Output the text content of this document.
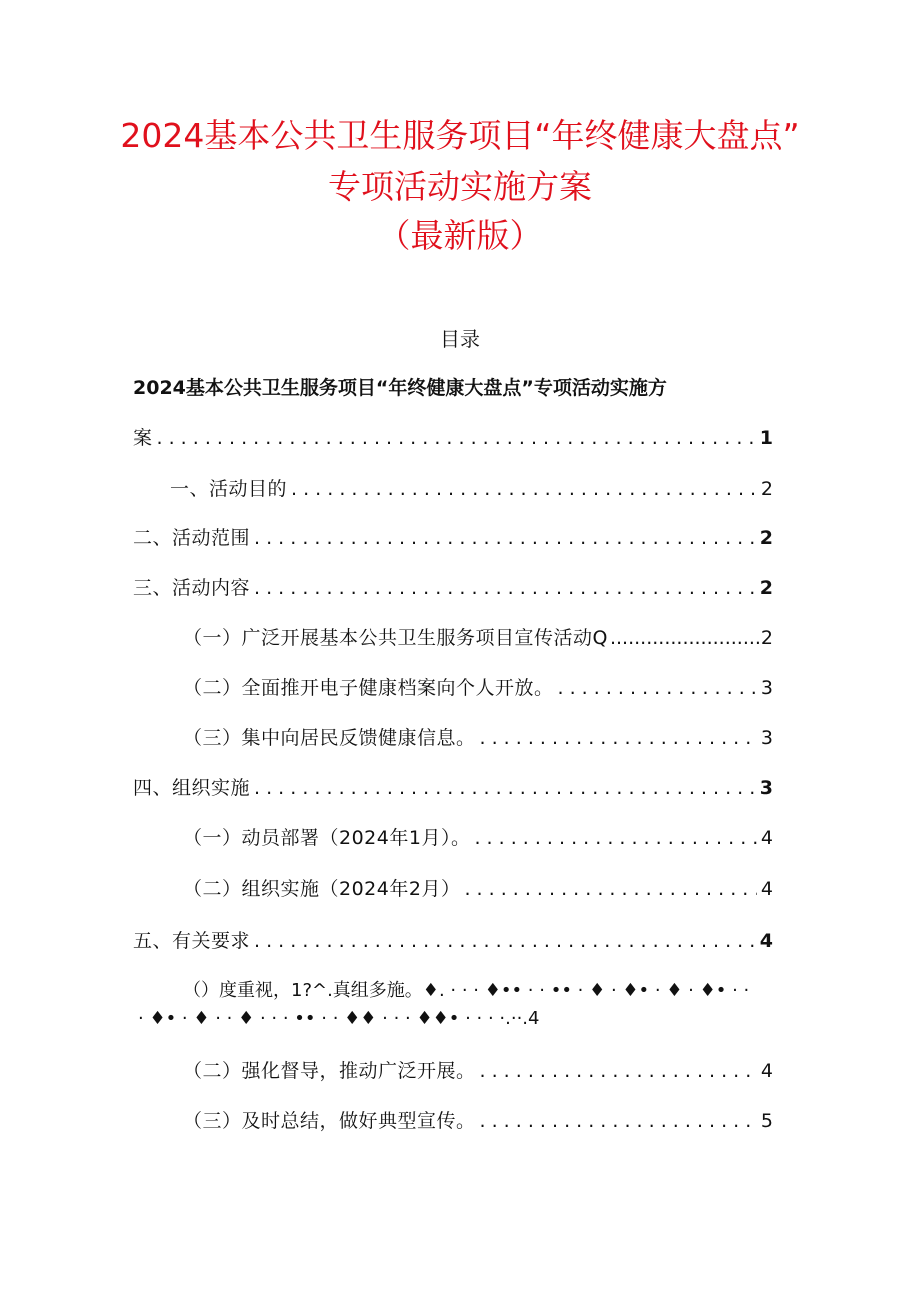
2024基本公共卫生服务项目“年终健康大盘点”
专项活动实施方案
（最新版）
目录
2024基本公共卫生服务项目“年终健康大盘点”专项活动实施方
案 . . .	1
一、活动目的 . . .	2
二、活动范围 . . .	2
三、活动内容 . . .	2
（一）广泛开展基本公共卫生服务项目宣传活动Q .....	2
（二）全面推开电子健康档案向个人开放。 . . .	3
（三）集中向居民反馈健康信息。 . . .	3
四、组织实施 . . .	3
（一）动员部署（2024年1月）。 . . .	4
（二）组织实施（2024年2月） . . .	4
五、有关要求 . . .	4
（）度重视，1?^.真组多施。♦. · · · ♦•• · · •• · ♦ · ♦• · ♦ · ♦• · ·
· ♦• · ♦ · · ♦ · · · •• · · ♦♦ · · · ♦♦• · · · ·.··.4
（二）强化督导，推动广泛开展。 . . .	4
（三）及时总结，做好典型宣传。 . . .	5
